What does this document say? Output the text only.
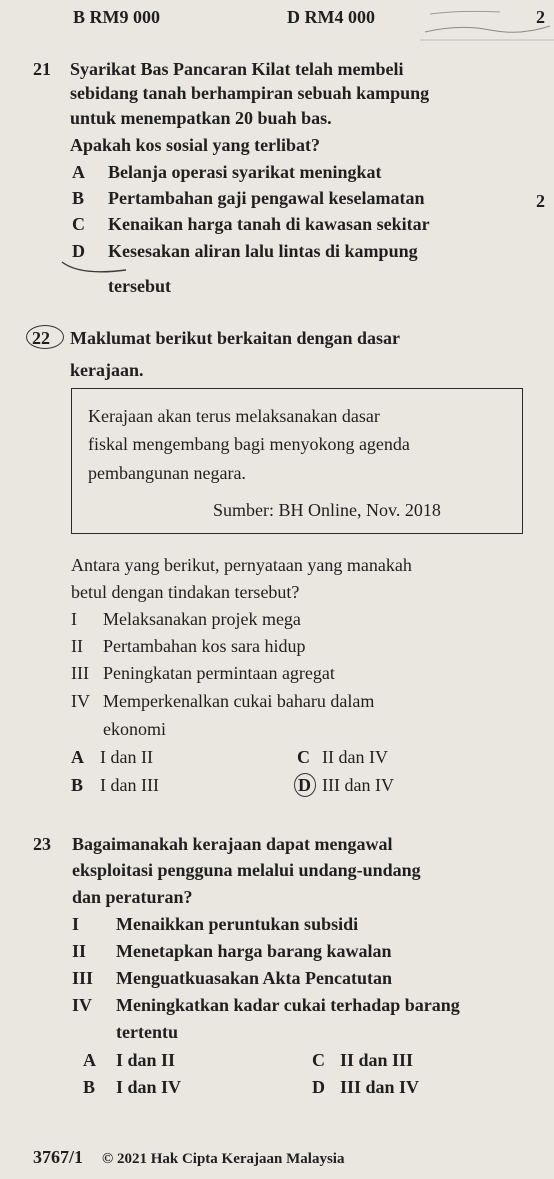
B RM9 000	D RM4 000	2
21 Syarikat Bas Pancaran Kilat telah membeli
sebidang tanah berhampiran sebuah kampung
untuk menempatkan 20 buah bas.
Apakah kos sosial yang terlibat?
A Belanja operasi syarikat meningkat
B Pertambahan gaji pengawal keselamatan	2
C Kenaikan harga tanah di kawasan sekitar
D Kesesakan aliran lalu lintas di kampung
tersebut
22 Maklumat berikut berkaitan dengan dasar
kerajaan.
Kerajaan akan terus melaksanakan dasar
fiskal mengembang bagi menyokong agenda
pembangunan negara.
Sumber: BH Online, Nov. 2018
Antara yang berikut, pernyataan yang manakah
betul dengan tindakan tersebut?
I Melaksanakan projek mega
II Pertambahan kos sara hidup
III Peningkatan permintaan agregat
IV Memperkenalkan cukai baharu dalam
ekonomi
A I dan II	C II dan IV
B I dan III	D III dan IV
23 Bagaimanakah kerajaan dapat mengawal
eksploitasi pengguna melalui undang-undang
dan peraturan?
I Menaikkan peruntukan subsidi
II Menetapkan harga barang kawalan
III Menguatkuasakan Akta Pencatutan
IV Meningkatkan kadar cukai terhadap barang
tertentu
A I dan II	C II dan III
B I dan IV	D III dan IV
3767/1 © 2021 Hak Cipta Kerajaan Malaysia
